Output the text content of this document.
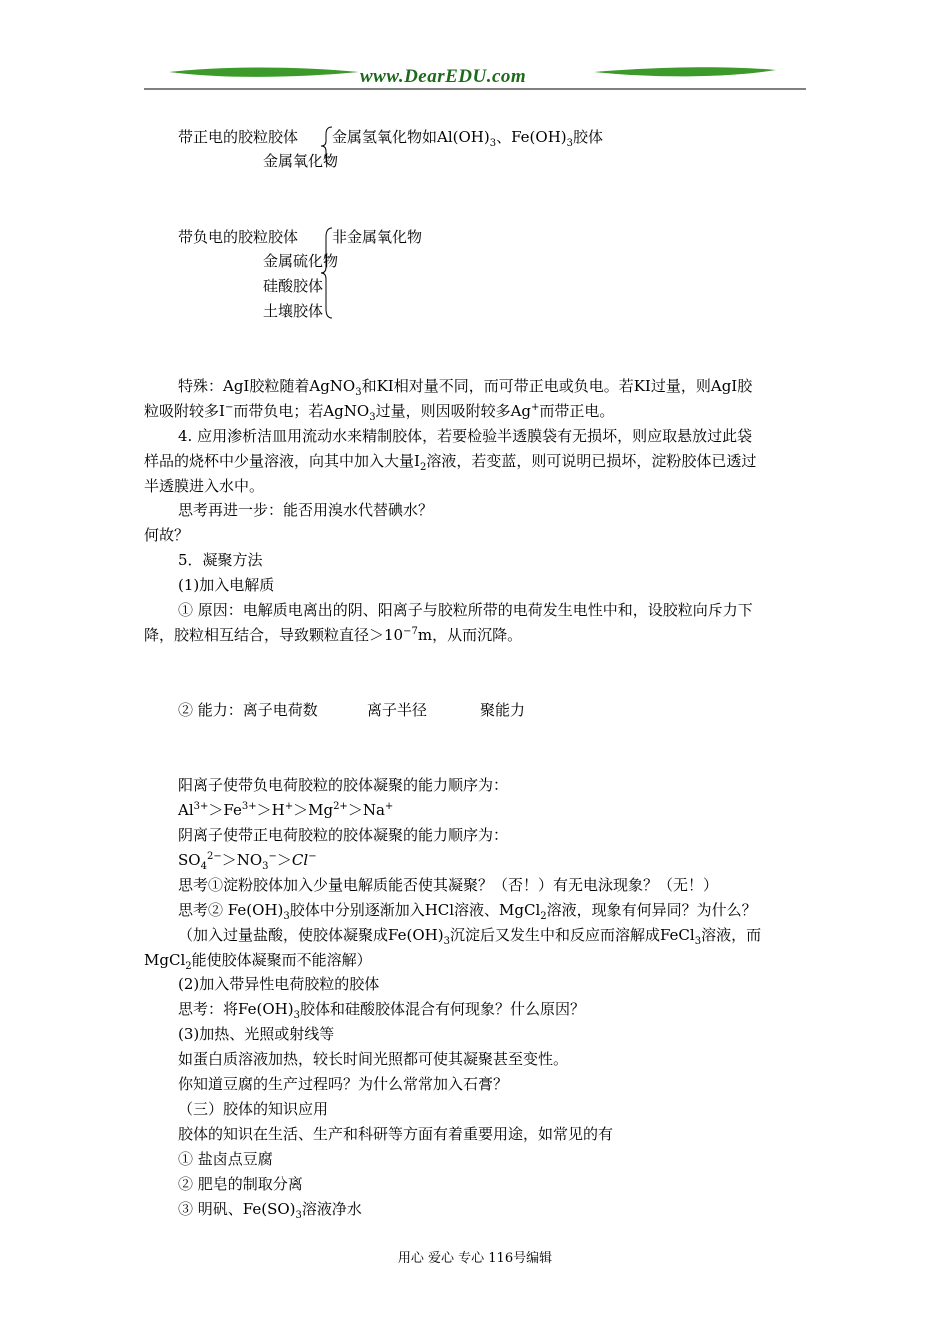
www.DearEDU.com
带正电的胶粒胶体 金属氢氧化物如$Al(OH)_3$、$Fe(OH)_3$胶体
金属氧化物
带负电的胶粒胶体 非金属氧化物
金属硫化物
硅酸胶体
土壤胶体
特殊：AgI胶粒随着AgNO$_3$和KI相对量不同，而可带正电或负电。若KI过量，则AgI胶
粒吸附较多I−而带负电；若AgNO$_3$过量，则因吸附较多Ag+而带正电。
4. 应用渗析洁皿用流动水来精制胶体，若要检验半透膜袋有无损坏，则应取悬放过此袋
样品的烧杯中少量溶液，向其中加入大量$I_2$溶液，若变蓝，则可说明已损坏，淀粉胶体已透过
半透膜进入水中。
思考再进一步：能否用溴水代替碘水？
何故？
5．凝聚方法
(1)加入电解质
① 原因：电解质电离出的阴、阳离子与胶粒所带的电荷发生电性中和，设胶粒向斥力下
降，胶粒相互结合，导致颗粒直径$>10^{-7}m$，从而沉降。
② 能力：离子电荷数	离子半径	聚能力
阳离子使带负电荷胶粒的胶体凝聚的能力顺序为：
$Al^{3+}>Fe^{3+}>H^+>Mg^{2+}>Na^+$
阴离子使带正电荷胶粒的胶体凝聚的能力顺序为：
$SO_4^{2-}>NO_3^->Cl^-$
思考①淀粉胶体加入少量电解质能否使其凝聚？（否！）有无电泳现象？（无！）
思考② $Fe(OH)_3$胶体中分别逐渐加入HCl溶液、MgCl$_2$溶液，现象有何异同？为什么？
（加入过量盐酸，使胶体凝聚成$Fe(OH)_3$沉淀后又发生中和反应而溶解成FeCl$_3$溶液，而
MgCl$_2$能使胶体凝聚而不能溶解）
(2)加入带异性电荷胶粒的胶体
思考：将$Fe(OH)_3$胶体和硅酸胶体混合有何现象？什么原因？
(3)加热、光照或射线等
如蛋白质溶液加热，较长时间光照都可使其凝聚甚至变性。
你知道豆腐的生产过程吗？为什么常常加入石膏？
（三）胶体的知识应用
胶体的知识在生活、生产和科研等方面有着重要用途，如常见的有
① 盐卤点豆腐
② 肥皂的制取分离
③ 明矾、$Fe(SO)_3$溶液净水
用心 爱心 专心 116号编辑
